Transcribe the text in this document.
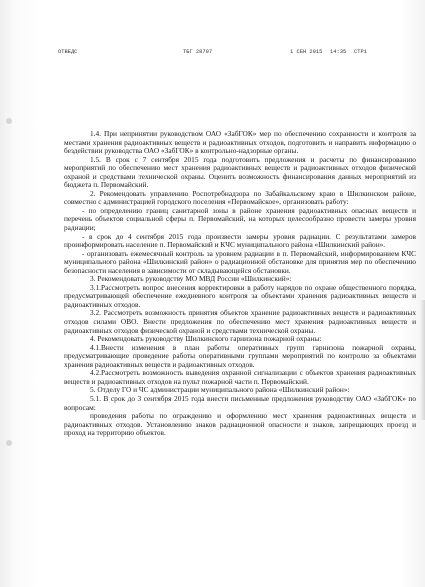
ОТВЕДС	ТБГ 28707	1 СЕН 2015 14:35 СТР1

1.4. При непринятии руководством ОАО «ЗабГОК» мер по обеспечению сохранности и контроля за местами хранения радиоактивных веществ и радиоактивных отходов, подготовить и направить информацию о бездействии руководства ОАО «ЗабГОК» в контрольно-надзорные органы.

1.5. В срок с 7 сентября 2015 года подготовить предложения и расчеты по финансированию мероприятий по обеспечению мест хранения радиоактивных веществ и радиоактивных отходов физической охраной и средствами технической охраны. Оценить возможность финансирования данных мероприятий из бюджета п. Первомайский.

2. Рекомендовать управлению Роспотребнадзора по Забайкальскому краю в Шилкинском районе, совместно с администрацией городского поселения «Первомайское», организовать работу:

- по определению границ санитарной зоны в районе хранения радиоактивных опасных веществ и перечень объектов социальной сферы п. Первомайский, на которых целесообразно провести замеры уровня радиации;

- в срок до 4 сентября 2015 года произвести замеры уровня радиации. С результатами замеров проинформировать население п. Первомайский и КЧС муниципального района «Шилкинский район».

- организовать ежемесячный контроль за уровнем радиации в п. Первомайский, информированием КЧС муниципального района «Шилкинский район» о радиационной обстановке для принятия мер по обеспечению безопасности населения в зависимости от складывающейся обстановки.

3. Рекомендовать руководству МО МВД России «Шилкинский»:

3.1.Рассмотреть вопрос внесения корректировки в работу нарядов по охране общественного порядка, предусматривающей обеспечение ежедневного контроля за объектами хранения радиоактивных веществ и радиоактивных отходов.

3.2. Рассмотреть возможность принятия объектов хранение радиоактивных веществ и радиоактивных отходов силами ОВО. Внести предложения по обеспечению мест хранения радиоактивных веществ и радиоактивных отходов физической охраной и средствами технической охраны.

4. Рекомендовать руководству Шилкинского гарнизона пожарной охраны:

4.1.Внести изменения в план работы оперативных групп гарнизона пожарной охраны, предусматривающие проведение работы оперативными группами мероприятий по контролю за объектами хранения радиоактивных веществ и радиоактивных отходов.

4.2.Рассмотреть возможность выведения охранной сигнализации с объектов хранения радиоактивных веществ и радиоактивных отходов на пульт пожарной части п. Первомайский.

5. Отделу ГО и ЧС администрации муниципального района «Шилкинский район»:

5.1. В срок до 3 сентября 2015 года внести письменные предложения руководству ОАО «ЗабГОК» по вопросам:

проведения работы по ограждению и оформлению мест хранения радиоактивных веществ и радиоактивных отходов. Установлению знаков радиационной опасности и знаков, запрещающих проезд и проход на территорию объектов.
